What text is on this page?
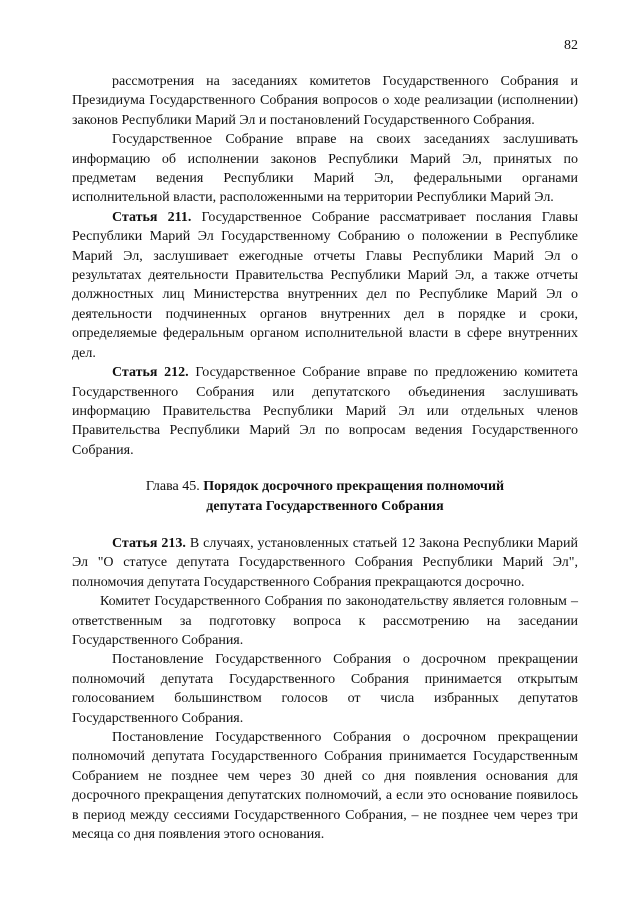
82

рассмотрения на заседаниях комитетов Государственного Собрания и Президиума Государственного Собрания вопросов о ходе реализации (исполнении) законов Республики Марий Эл и постановлений Государственного Собрания.

Государственное Собрание вправе на своих заседаниях заслушивать информацию об исполнении законов Республики Марий Эл, принятых по предметам ведения Республики Марий Эл, федеральными органами исполнительной власти, расположенными на территории Республики Марий Эл.

Статья 211. Государственное Собрание рассматривает послания Главы Республики Марий Эл Государственному Собранию о положении в Республике Марий Эл, заслушивает ежегодные отчеты Главы Республики Марий Эл о результатах деятельности Правительства Республики Марий Эл, а также отчеты должностных лиц Министерства внутренних дел по Республике Марий Эл о деятельности подчиненных органов внутренних дел в порядке и сроки, определяемые федеральным органом исполнительной власти в сфере внутренних дел.

Статья 212. Государственное Собрание вправе по предложению комитета Государственного Собрания или депутатского объединения заслушивать информацию Правительства Республики Марий Эл или отдельных членов Правительства Республики Марий Эл по вопросам ведения Государственного Собрания.

Глава 45. Порядок досрочного прекращения полномочий
депутата Государственного Собрания

Статья 213. В случаях, установленных статьей 12 Закона Республики Марий Эл "О статусе депутата Государственного Собрания Республики Марий Эл", полномочия депутата Государственного Собрания прекращаются досрочно.

Комитет Государственного Собрания по законодательству является головным – ответственным за подготовку вопроса к рассмотрению на заседании Государственного Собрания.

Постановление Государственного Собрания о досрочном прекращении полномочий депутата Государственного Собрания принимается открытым голосованием большинством голосов от числа избранных депутатов Государственного Собрания.

Постановление Государственного Собрания о досрочном прекращении полномочий депутата Государственного Собрания принимается Государственным Собранием не позднее чем через 30 дней со дня появления основания для досрочного прекращения депутатских полномочий, а если это основание появилось в период между сессиями Государственного Собрания, – не позднее чем через три месяца со дня появления этого основания.
